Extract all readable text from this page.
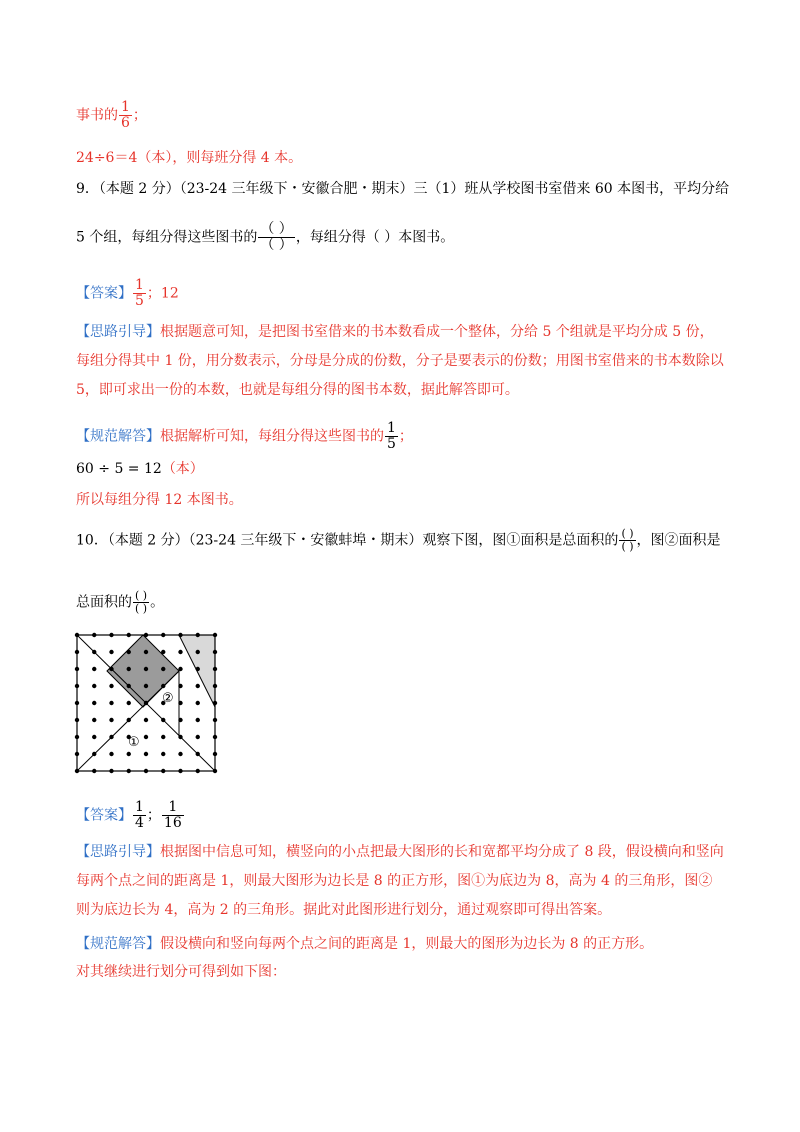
事书的 $\frac{1}{6}$ ；
24÷6＝4（本），则每班分得 4 本。
9．（本题 2 分）（23-24 三年级下・安徽合肥・期末）三（1）班从学校图书室借来 60 本图书，平均分给
5 个组，每组分得这些图书的 $\frac{( )}{( )}$ ，每组分得（ ）本图书。
【答案】 $\frac{1}{5}$ ；12
【思路引导】根据题意可知，是把图书室借来的书本数看成一个整体，分给 5 个组就是平均分成 5 份，每组分得其中 1 份，用分数表示，分母是分成的份数，分子是要表示的份数；用图书室借来的书本数除以 5，即可求出一份的本数，也就是每组分得的图书本数，据此解答即可。
【规范解答】根据解析可知，每组分得这些图书的 $\frac{1}{5}$ ；
60 ÷ 5 = 12（本）
所以每组分得 12 本图书。
10．（本题 2 分）（23-24 三年级下・安徽蚌埠・期末）观察下图，图①面积是总面积的 $\frac{( )}{( )}$ ，图②面积是
总面积的 $\frac{( )}{( )}$ 。
②
①
【答案】 $\frac{1}{4}$ ； $\frac{1}{16}$
【思路引导】根据图中信息可知，横竖向的小点把最大图形的长和宽都平均分成了 8 段，假设横向和竖向每两个点之间的距离是 1，则最大图形为边长是 8 的正方形，图①为底边为 8，高为 4 的三角形，图②则为底边长为 4，高为 2 的三角形。据此对此图形进行划分，通过观察即可得出答案。
【规范解答】假设横向和竖向每两个点之间的距离是 1，则最大的图形为边长为 8 的正方形。
对其继续进行划分可得到如下图：
